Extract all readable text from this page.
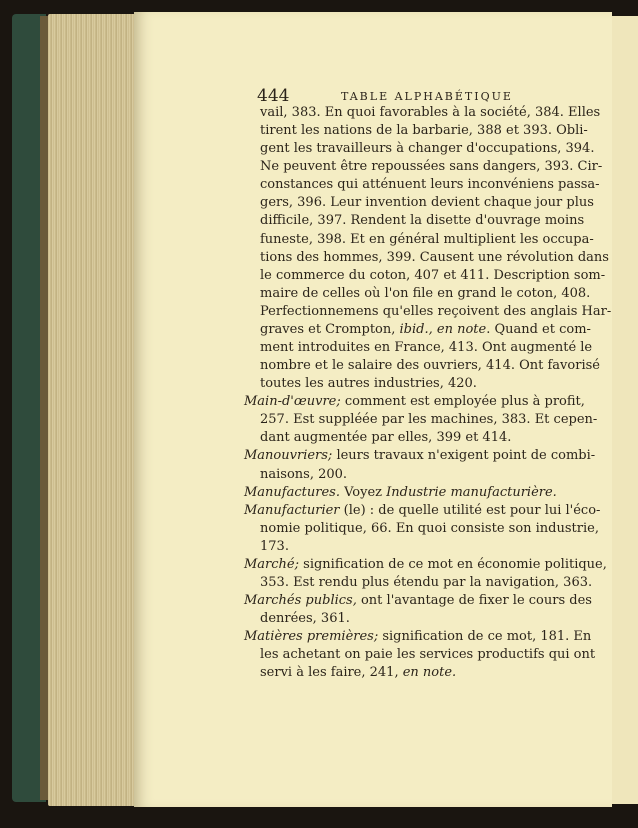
444	TABLE ALPHABÉTIQUE
vail, 383. En quoi favorables à la société, 384. Elles
tirent les nations de la barbarie, 388 et 393. Obli-
gent les travailleurs à changer d'occupations, 394.
Ne peuvent être repoussées sans dangers, 393. Cir-
constances qui atténuent leurs inconvéniens passa-
gers, 396. Leur invention devient chaque jour plus
difficile, 397. Rendent la disette d'ouvrage moins
funeste, 398. Et en général multiplient les occupa-
tions des hommes, 399. Causent une révolution dans
le commerce du coton, 407 et 411. Description som-
maire de celles où l'on file en grand le coton, 408.
Perfectionnemens qu'elles reçoivent des anglais Har-
graves et Crompton, ibid., en note. Quand et com-
ment introduites en France, 413. Ont augmenté le
nombre et le salaire des ouvriers, 414. Ont favorisé
toutes les autres industries, 420.
Main-d'œuvre; comment est employée plus à profit,
257. Est suppléée par les machines, 383. Et cepen-
dant augmentée par elles, 399 et 414.
Manouvriers; leurs travaux n'exigent point de combi-
naisons, 200.
Manufactures. Voyez Industrie manufacturière.
Manufacturier (le) : de quelle utilité est pour lui l'éco-
nomie politique, 66. En quoi consiste son industrie,
173.
Marché; signification de ce mot en économie politique,
353. Est rendu plus étendu par la navigation, 363.
Marchés publics, ont l'avantage de fixer le cours des
denrées, 361.
Matières premières; signification de ce mot, 181. En
les achetant on paie les services productifs qui ont
servi à les faire, 241, en note.
